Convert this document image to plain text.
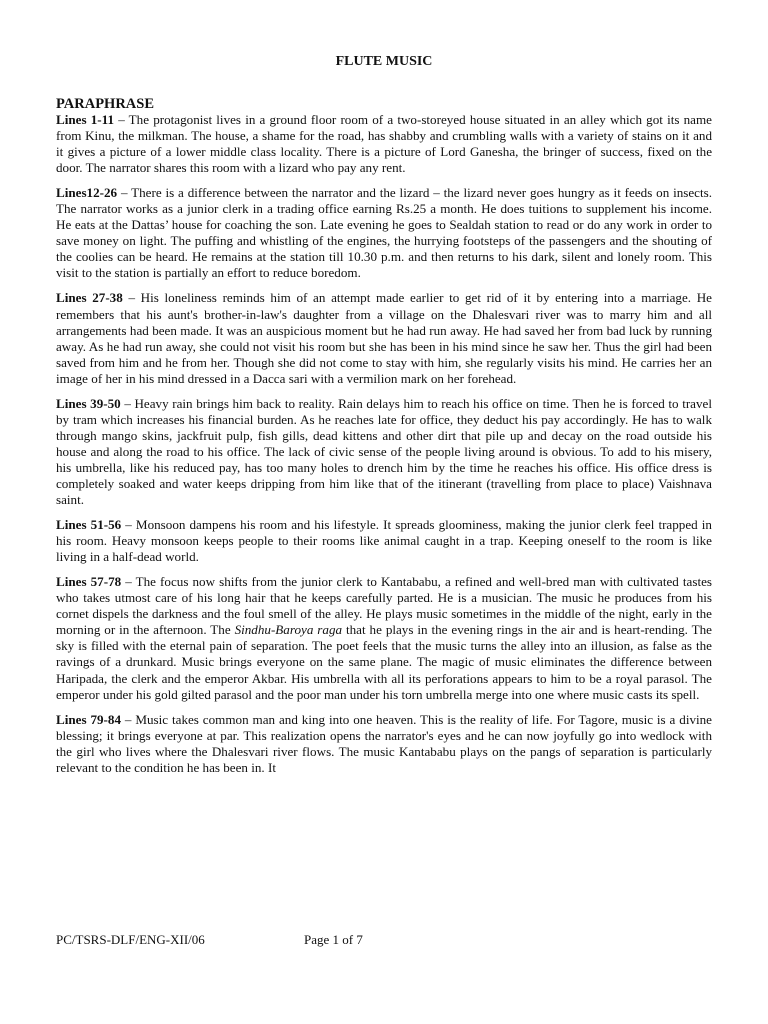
FLUTE MUSIC
PARAPHRASE

Lines 1-11 – The protagonist lives in a ground floor room of a two-storeyed house situated in an alley which got its name from Kinu, the milkman. The house, a shame for the road, has shabby and crumbling walls with a variety of stains on it and it gives a picture of a lower middle class locality. There is a picture of Lord Ganesha, the bringer of success, fixed on the door. The narrator shares this room with a lizard who pay any rent.

Lines12-26 – There is a difference between the narrator and the lizard – the lizard never goes hungry as it feeds on insects. The narrator works as a junior clerk in a trading office earning Rs.25 a month. He does tuitions to supplement his income. He eats at the Dattas’ house for coaching the son. Late evening he goes to Sealdah station to read or do any work in order to save money on light. The puffing and whistling of the engines, the hurrying footsteps of the passengers and the shouting of the coolies can be heard. He remains at the station till 10.30 p.m. and then returns to his dark, silent and lonely room. This visit to the station is partially an effort to reduce boredom.

Lines 27-38 – His loneliness reminds him of an attempt made earlier to get rid of it by entering into a marriage. He remembers that his aunt's brother-in-law's daughter from a village on the Dhalesvari river was to marry him and all arrangements had been made. It was an auspicious moment but he had run away. He had saved her from bad luck by running away. As he had run away, she could not visit his room but she has been in his mind since he saw her. Thus the girl had been saved from him and he from her. Though she did not come to stay with him, she regularly visits his mind. He carries her an image of her in his mind dressed in a Dacca sari with a vermilion mark on her forehead.

Lines 39-50 – Heavy rain brings him back to reality. Rain delays him to reach his office on time. Then he is forced to travel by tram which increases his financial burden. As he reaches late for office, they deduct his pay accordingly. He has to walk through mango skins, jackfruit pulp, fish gills, dead kittens and other dirt that pile up and decay on the road outside his house and along the road to his office. The lack of civic sense of the people living around is obvious. To add to his misery, his umbrella, like his reduced pay, has too many holes to drench him by the time he reaches his office. His office dress is completely soaked and water keeps dripping from him like that of the itinerant (travelling from place to place) Vaishnava saint.

Lines 51-56 – Monsoon dampens his room and his lifestyle. It spreads gloominess, making the junior clerk feel trapped in his room. Heavy monsoon keeps people to their rooms like animal caught in a trap. Keeping oneself to the room is like living in a half-dead world.

Lines 57-78 – The focus now shifts from the junior clerk to Kantababu, a refined and well-bred man with cultivated tastes who takes utmost care of his long hair that he keeps carefully parted. He is a musician. The music he produces from his cornet dispels the darkness and the foul smell of the alley. He plays music sometimes in the middle of the night, early in the morning or in the afternoon. The Sindhu-Baroya raga that he plays in the evening rings in the air and is heart-rending. The sky is filled with the eternal pain of separation. The poet feels that the music turns the alley into an illusion, as false as the ravings of a drunkard. Music brings everyone on the same plane. The magic of music eliminates the difference between Haripada, the clerk and the emperor Akbar. His umbrella with all its perforations appears to him to be a royal parasol. The emperor under his gold gilted parasol and the poor man under his torn umbrella merge into one where music casts its spell.

Lines 79-84 – Music takes common man and king into one heaven. This is the reality of life. For Tagore, music is a divine blessing; it brings everyone at par. This realization opens the narrator's eyes and he can now joyfully go into wedlock with the girl who lives where the Dhalesvari river flows. The music Kantababu plays on the pangs of separation is particularly relevant to the condition he has been in. It

PC/TSRS-DLF/ENG-XII/06	Page 1 of 7
